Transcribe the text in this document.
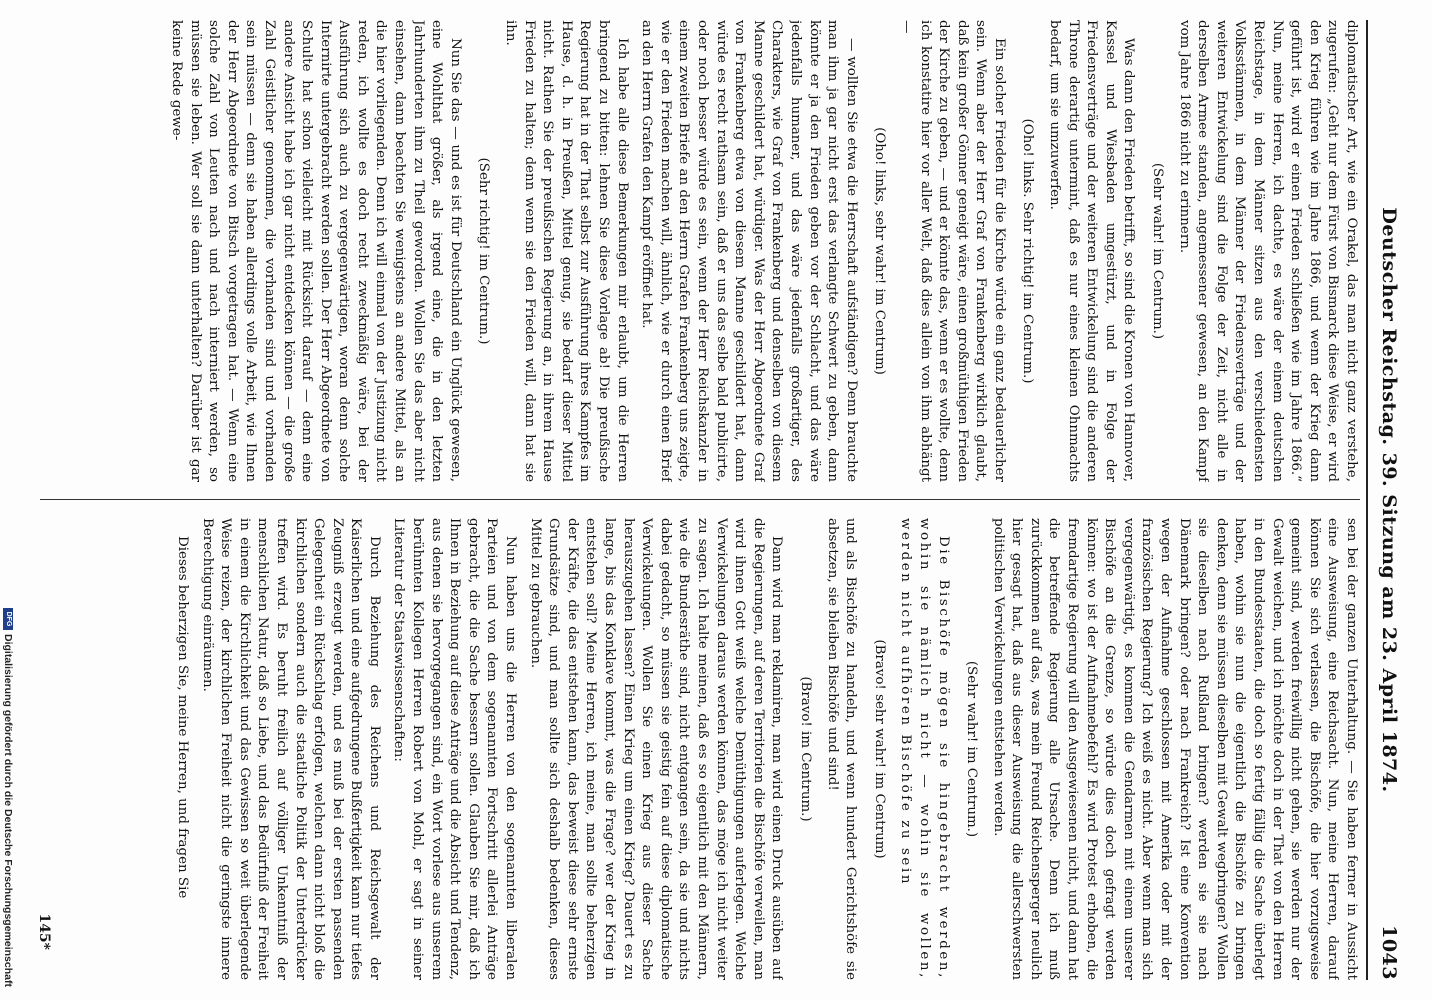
Deutscher Reichstag. 39. Sitzung am 23. April 1874.
1043

diplomatischer Art, wie ein Orakel, das man nicht ganz verstehe, zugerufen: „Geht nur dem Fürst von Bismarck diese Weise, er wird den Krieg führen wie im Jahre 1866, und wenn der Krieg dann geführt ist, wird er einen Frieden schließen wie im Jahre 1866.“ Nun, meine Herren, ich dachte, es wäre der einem deutschen Reichstage, in dem Männer sitzen aus den verschiedensten Volksstämmen, in dem Männer der Friedensverträge und der weiteren Entwickelung sind die Folge der Zeit, nicht alle in derselben Armee standen, angemessener gewesen, an den Kampf vom Jahre 1866 nicht zu erinnern.

(Sehr wahr! im Centrum.)

Was dann den Frieden betrifft, so sind die Kronen von Hannover, Kassel und Wiesbaden umgestürzt, und in Folge der Friedensverträge und der weiteren Entwickelung sind die anderen Throne derartig untermint, daß es nur eines kleinen Ohnmachts bedarf, um sie umzuwerfen.

(Oho! links. Sehr richtig! im Centrum.)

Ein solcher Frieden für die Kirche würde ein ganz bedauerlicher sein. Wenn aber der Herr Graf von Frankenberg wirklich glaubt, daß kein großer Gönner geneigt wäre, einen großmüthigen Frieden der Kirche zu geben, — und er könnte das, wenn er es wollte, denn ich konstatire hier vor aller Welt, daß dies allein von ihm abhängt —

(Oho! links, sehr wahr! im Centrum)

— wollten Sie etwa die Herrschaft aufständigen? Denn brauchte man ihm ja gar nicht erst das verlangte Schwert zu geben, dann könnte er ja den Frieden geben vor der Schlacht, und das wäre jedenfalls humaner, und das wäre jedenfalls großartiger, des Charakters, wie Graf von Frankenberg und denselben von diesem Manne geschildert hat, würdiger. Was der Herr Abgeordnete Graf von Frankenberg etwa von diesem Manne geschildert hat, dann würde es recht rathsam sein, daß er uns das selbe bald publicirte, oder noch besser würde es sein, wenn der Herr Reichskanzler in einem zweiten Briefe an den Herrn Grafen Frankenberg uns zeigte, wie er den Frieden machen will, ähnlich, wie er durch einen Brief an den Herrn Grafen den Kampf eröffnet hat.

Ich habe alle diese Bemerkungen mir erlaubt, um die Herren bringend zu bitten: lehnen Sie diese Vorlage ab! Die preußische Regierung hat in der That selbst zur Ausführung ihres Kampfes im Hause, d. h. in Preußen, Mittel genug, sie bedarf dieser Mittel nicht. Rathen Sie der preußischen Regierung an, in ihrem Hause Frieden zu halten; denn wenn sie den Frieden will, dann hat sie ihn.

(Sehr richtig! im Centrum.)

Nun Sie das — und es ist für Deutschland ein Unglück gewesen, eine Wohlthat größer, als irgend eine, die in den letzten Jahrhunderten ihm zu Theil geworden. Wollen Sie das aber nicht einsehen, dann beachten Sie wenigstens an andere Mittel, als an die hier vorliegenden. Denn ich will einmal von der Justizung nicht reden, ich wollte es doch recht zweckmäßig wäre, bei der Ausführung sich auch zu vergegenwärtigen, woran denn solche Internirte untergebracht werden sollen. Der Herr Abgeordnete von Schulte hat schon vielleicht mit Rücksicht darauf — denn eine andere Ansicht habe ich gar nicht entdecken können — die große Zahl Geistlicher genommen, die vorhanden sind und vorhanden sein müssen — denn sie haben allerdings volle Arbeit, wie Ihnen der Herr Abgeordnete von Bitsch vorgetragen hat. — Wenn eine solche Zahl von Leuten nach und nach interniert werden, so müssen sie leben. Wer soll sie dann unterhalten? Darüber ist gar keine Rede gewe-

sen bei der ganzen Unterhaltung. — Sie haben ferner in Aussicht eine Ausweisung, eine Reichsacht. Nun, meine Herren, darauf können Sie sich verlassen, die Bischöfe, die hier vorzugsweise gemeint sind, werden freiwillig nicht gehen, sie werden nur der Gewalt weichen, und ich möchte doch in der That von den Herren in den Bundesstaaten, die doch so fertig fällig die Sache überlegt haben, wohin sie nun die eigentlich die Bischöfe zu bringen denken, denn sie müssen dieselben mit Gewalt wegbringen? Wollen sie dieselben nach Rußland bringen? werden sie sie nach Dänemark bringen? oder nach Frankreich? Ist eine Konvention wegen der Aufnahme geschlossen mit Amerika oder mit der französischen Regierung? Ich weiß es nicht. Aber wenn man sich vergegenwärtigt, es kommen die Gendarmen mit einem unserer Bischöfe an die Grenze, so würde dies doch gefragt werden können: wo ist der Aufnahmebefehl? Es wird Protest erhoben, die fremdartige Regierung will den Ausgewiesenen nicht, und dann hat die betreffende Regierung alle Ursache. Denn ich muß zurückkommen auf das, was mein Freund Reichensperger neulich hier gesagt hat, daß aus dieser Ausweisung die allerschwersten politischen Verwickelungen entstehen werden.

(Sehr wahr! im Centrum.)

Die Bischöfe mögen sie hingebracht werden, wohin sie nämlich nicht — wohin sie wollen, werden nicht aufhören Bischöfe zu sein

(Bravo! sehr wahr! im Centrum)

und als Bischöfe zu handeln, und wenn hundert Gerichtshöfe sie absetzen, sie bleiben Bischöfe und sind!

(Bravo! im Centrum.)

Dann wird man reklamiren, man wird einen Druck ausüben auf die Regierungen, auf deren Territorien die Bischöfe verweilen, man wird ihnen Gott weiß welche Demüthigungen auferlegen. Welche Verwickelungen daraus werden können, das möge ich nicht weiter zu sagen. Ich halte meinen, daß es so eigentlich mit den Männern, wie die Bundesräthe sind, nicht entgangen sein, da sie und nichts dabei gedacht, so müssen sie geistig fein auf diese diplomatische Verwickelungen. Wollen Sie einen Krieg aus dieser Sache herauszugehen lassen? Einen Krieg um einen Krieg? Dauert es zu lange, bis das Konklave kommt, was die Frage? wer der Krieg in entstehen soll? Meine Herren, ich meine, man sollte beherzigen der Kräfte, die das entstehen kann, das beweist diese sehr ernste Grundsätze sind, und man sollte sich deshalb bedenken, dieses Mittel zu gebrauchen.

Nun haben uns die Herren von den sogenannten liberalen Parteien und von dem sogenannten Fortschritt allerlei Anträge gebracht, die die Sache bessern sollen. Glauben Sie mir, daß ich Ihnen in Beziehung auf diese Anträge und die Absicht und Tendenz, aus denen sie hervorgegangen sind, ein Wort vorlese aus unserem berühmten Kollegen Herren Robert von Mohl, er sagt in seiner Literatur der Staatswissenschaften:

Durch Beziehung des Reichens und Reichsgewalt der Kaiserlichen und eine aufgedrungene Bußfertigkeit kann nur tiefes Zeugniß erzeugt werden, und es muß bei der ersten passenden Gelegenheit ein Rückschlag erfolgen, welchen dann nicht bloß die kirchlichen sondern auch die staatliche Politik der Unterdrücker treffen wird. Es beruht freilich auf völliger Unkenntniß der menschlichen Natur, daß so Liebe, und das Bedürfniß der Freiheit in einem die Kirchlichkeit und das Gewissen so weit überlegende Weise reizen, der kirchlichen Freiheit nicht die geringste innere Berechtigung einräumen.

Dieses beherzigen Sie, meine Herren, und fragen Sie

145*
DFG
Digitalisierung gefördert durch die Deutsche Forschungsgemeinschaft
